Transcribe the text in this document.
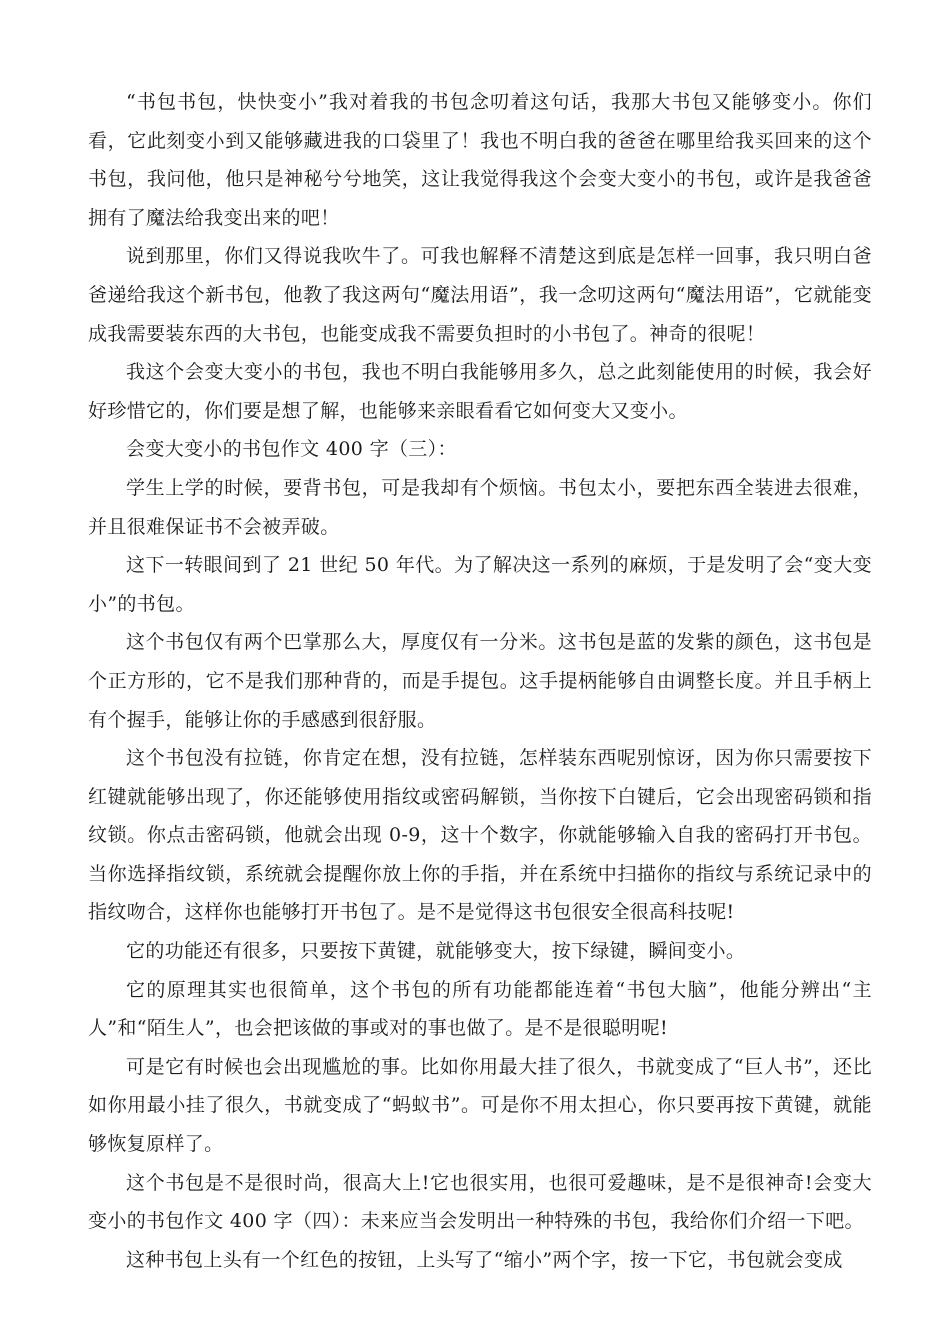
“书包书包，快快变小”我对着我的书包念叨着这句话，我那大书包又能够变小。你们看，它此刻变小到又能够藏进我的口袋里了！我也不明白我的爸爸在哪里给我买回来的这个书包，我问他，他只是神秘兮兮地笑，这让我觉得我这个会变大变小的书包，或许是我爸爸拥有了魔法给我变出来的吧！

说到那里，你们又得说我吹牛了。可我也解释不清楚这到底是怎样一回事，我只明白爸爸递给我这个新书包，他教了我这两句“魔法用语”，我一念叨这两句“魔法用语”，它就能变成我需要装东西的大书包，也能变成我不需要负担时的小书包了。神奇的很呢！

我这个会变大变小的书包，我也不明白我能够用多久，总之此刻能使用的时候，我会好好珍惜它的，你们要是想了解，也能够来亲眼看看它如何变大又变小。

会变大变小的书包作文 400 字（三）：

学生上学的时候，要背书包，可是我却有个烦恼。书包太小，要把东西全装进去很难，并且很难保证书不会被弄破。

这下一转眼间到了 21 世纪 50 年代。为了解决这一系列的麻烦，于是发明了会“变大变小”的书包。

这个书包仅有两个巴掌那么大，厚度仅有一分米。这书包是蓝的发紫的颜色，这书包是个正方形的，它不是我们那种背的，而是手提包。这手提柄能够自由调整长度。并且手柄上有个握手，能够让你的手感感到很舒服。

这个书包没有拉链，你肯定在想，没有拉链，怎样装东西呢别惊讶，因为你只需要按下红键就能够出现了，你还能够使用指纹或密码解锁，当你按下白键后，它会出现密码锁和指纹锁。你点击密码锁，他就会出现 0-9，这十个数字，你就能够输入自我的密码打开书包。当你选择指纹锁，系统就会提醒你放上你的手指，并在系统中扫描你的指纹与系统记录中的指纹吻合，这样你也能够打开书包了。是不是觉得这书包很安全很高科技呢!

它的功能还有很多，只要按下黄键，就能够变大，按下绿键，瞬间变小。

它的原理其实也很简单，这个书包的所有功能都能连着“书包大脑”，他能分辨出“主人”和“陌生人”，也会把该做的事或对的事也做了。是不是很聪明呢!

可是它有时候也会出现尴尬的事。比如你用最大挂了很久，书就变成了“巨人书”，还比如你用最小挂了很久，书就变成了“蚂蚁书”。可是你不用太担心，你只要再按下黄键，就能够恢复原样了。

这个书包是不是很时尚，很高大上!它也很实用，也很可爱趣味，是不是很神奇!会变大变小的书包作文 400 字（四）：未来应当会发明出一种特殊的书包，我给你们介绍一下吧。

这种书包上头有一个红色的按钮，上头写了“缩小”两个字，按一下它，书包就会变成
